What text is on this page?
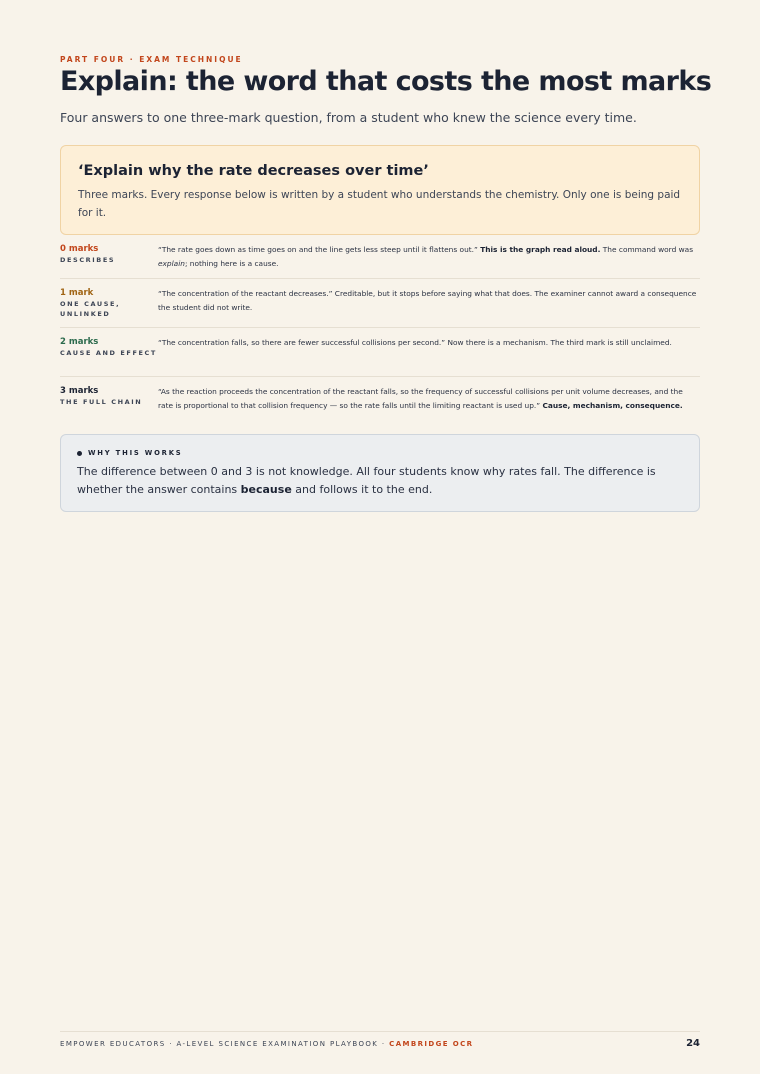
PART FOUR · EXAM TECHNIQUE
Explain: the word that costs the most marks

Four answers to one three-mark question, from a student who knew the science every time.

‘Explain why the rate decreases over time’
Three marks. Every response below is written by a student who understands the chemistry. Only one is being paid for it.
0 marks
DESCRIBES
“The rate goes down as time goes on and the line gets less steep until it flattens out.” This is the graph read aloud. The command word was explain; nothing here is a cause.
1 mark
ONE CAUSE, UNLINKED
“The concentration of the reactant decreases.” Creditable, but it stops before saying what that does. The examiner cannot award a consequence the student did not write.
2 marks
CAUSE AND EFFECT
“The concentration falls, so there are fewer successful collisions per second.” Now there is a mechanism. The third mark is still unclaimed.
3 marks
THE FULL CHAIN
“As the reaction proceeds the concentration of the reactant falls, so the frequency of successful collisions per unit volume decreases, and the rate is proportional to that collision frequency — so the rate falls until the limiting reactant is used up.” Cause, mechanism, consequence.
WHY THIS WORKS
The difference between 0 and 3 is not knowledge. All four students know why rates fall. The difference is whether the answer contains because and follows it to the end.
EMPOWER EDUCATORS · A-LEVEL SCIENCE EXAMINATION PLAYBOOK · CAMBRIDGE OCR	24
